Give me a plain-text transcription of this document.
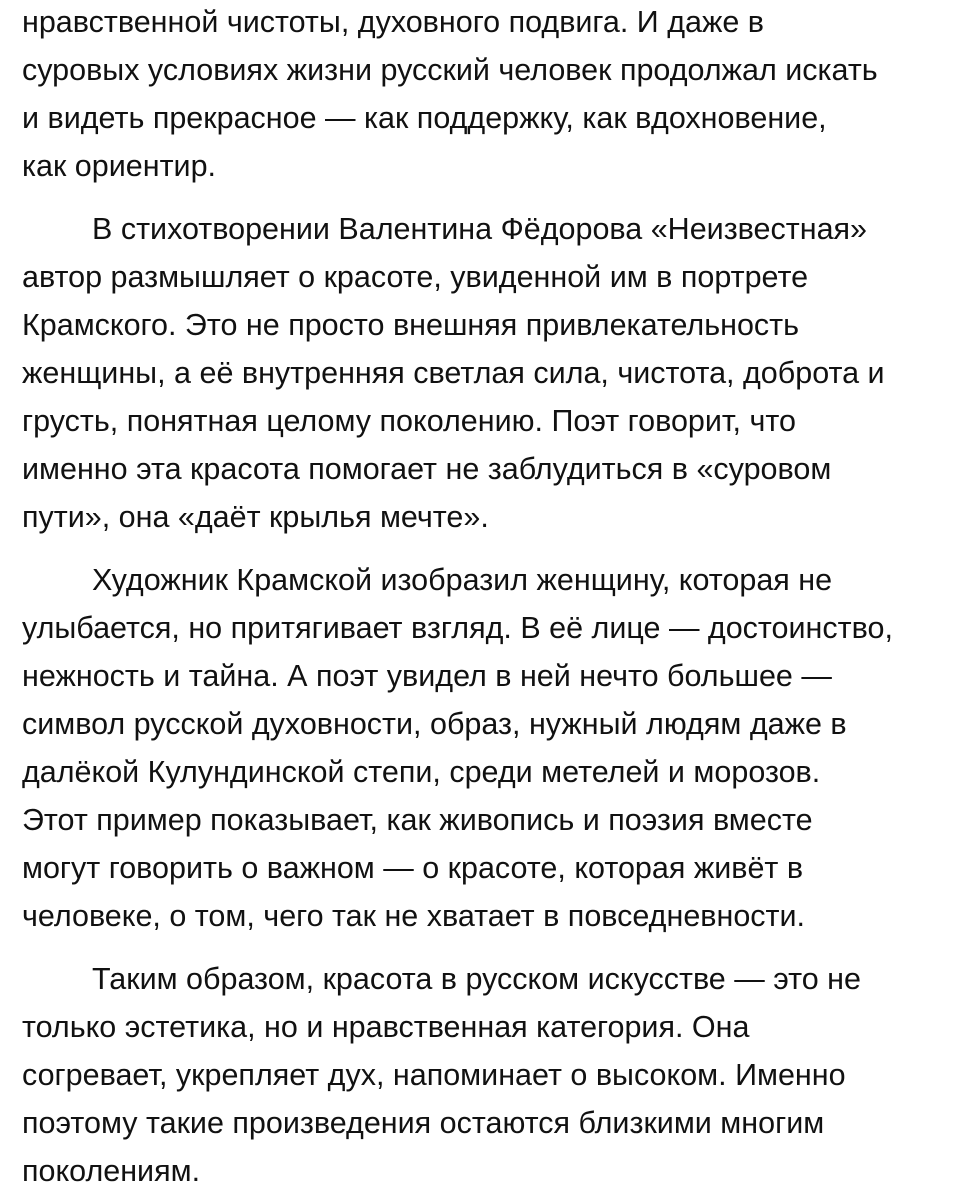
нравственной чистоты, духовного подвига. И даже в
суровых условиях жизни русский человек продолжал искать
и видеть прекрасное — как поддержку, как вдохновение,
как ориентир.
В стихотворении Валентина Фёдорова «Неизвестная»
автор размышляет о красоте, увиденной им в портрете
Крамского. Это не просто внешняя привлекательность
женщины, а её внутренняя светлая сила, чистота, доброта и
грусть, понятная целому поколению. Поэт говорит, что
именно эта красота помогает не заблудиться в «суровом
пути», она «даёт крылья мечте».
Художник Крамской изобразил женщину, которая не
улыбается, но притягивает взгляд. В её лице — достоинство,
нежность и тайна. А поэт увидел в ней нечто большее —
символ русской духовности, образ, нужный людям даже в
далёкой Кулундинской степи, среди метелей и морозов.
Этот пример показывает, как живопись и поэзия вместе
могут говорить о важном — о красоте, которая живёт в
человеке, о том, чего так не хватает в повседневности.
Таким образом, красота в русском искусстве — это не
только эстетика, но и нравственная категория. Она
согревает, укрепляет дух, напоминает о высоком. Именно
поэтому такие произведения остаются близкими многим
поколениям.
